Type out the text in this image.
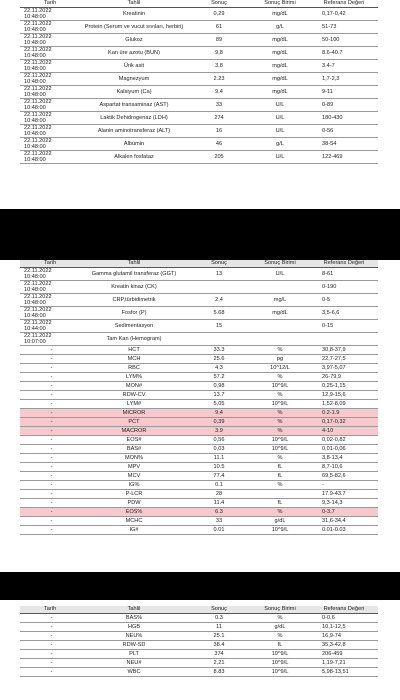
Tarih	Tahlil	Sonuç	Sonuç Birimi	Referans Değeri

22.11.2022
10:48:00	Kreatinin	0,29	mg/dL	0,17-0,42

22.11.2022
10:48:00	Protein (Serum ve vucut sıvıları, herbiri)	61	g/L	51-73

22.11.2022
10:48:00	Glukoz	89	mg/dL	50-100

22.11.2022
10:48:00	Kan üre azotu (BUN)	9,8	mg/dL	8.6-40.7

22.11.2022
10:48:00	Ürik asit	3.8	mg/dL	3.4-7

22.11.2022
10:48:00	Magnezyum	2.23	mg/dL	1,7-2,3

22.11.2022
10:48:00	Kalsiyum (Ca)	9.4	mg/dL	9-11

22.11.2022
10:48:00	Aspartat transaminaz (AST)	33	U/L	0-89

22.11.2022
10:48:00	Laktik Dehidrogenaz (LDH)	274	U/L	180-430

22.11.2022
10:48:00	Alanin aminotransferaz (ALT)	16	U/L	0-56

22.11.2022
10:48:00	Albümin	46	g/L	38-54

22.11.2022
10:48:00	Alkalen fosfataz	205	U/L	122-469
Tarih	Tahlil	Sonuç	Sonuç Birimi	Referans Değeri

22.11.2022
10:48:00	Gamma glutamil transferaz (GGT)	13	U/L	8-61

22.11.2022
10:48:00	Kreatin kinaz (CK)			0-190

22.11.2022
10:48:00	CRP,türbidimetrik	2,4	mg/L	0-5

22.11.2022
10:48:00	Fosfor (P)	5.68	mg/dL	3,5-6,6

22.11.2022
10:44:00	Sedimentasyon	15		0-15

22.11.2022
10:07:00	Tam Kan (Hemogram)			

-	HCT	33.3	%	30,8-37,9

-	MCH	25.6	pg	22,7-27,5

-	RBC	4.3	10^12/L	3,97-5,07

-	LYM%	57.2	%	26-79,9

-	MON#	0,98	10^9/L	0,25-1,15

-	RDW-CV	13.7	%	12,9-15,6

-	LYM#	5,05	10^9/L	1,52-8,09

-	MICROR	9.4	%	0.2-1.9

-	PCT	0,39	%	0,17-0,32

-	MACROR	3.9	%	4-10

-	EOS#	0,56	10^9/L	0,02-0,82

-	BAS#	0,03	10^9/L	0,01-0,06

-	MON%	11.1	%	3,8-13,4

-	MPV	10.5	fL	8,7-10,6

-	MCV	77.4	fL	69,5-82,6

-	IG%	0.1	%	-

-	P-LCR	28		17.9-43.7

-	PDW	11.4	fL	9,3-14,3

-	EOS%	6.3	%	0-3,7

-	MCHC	33	g/dL	31,6-34,4

-	IG#	0.01	10^9/L	0.01-0.03
Tarih	Tahlil	Sonuç	Sonuç Birimi	Referans Değeri

-	BAS%	0.3	%	0-0,6

-	HGB	11	g/dL	10,1-12,5

-	NEU%	25.1	%	16,9-74

-	RDW-SD	38.4	fL	35,3-42,8

-	PLT	374	10^9/L	206-459

-	NEU#	2,21	10^9/L	1,19-7,21

-	WBC	8.83	10^9/L	5,98-13,51
